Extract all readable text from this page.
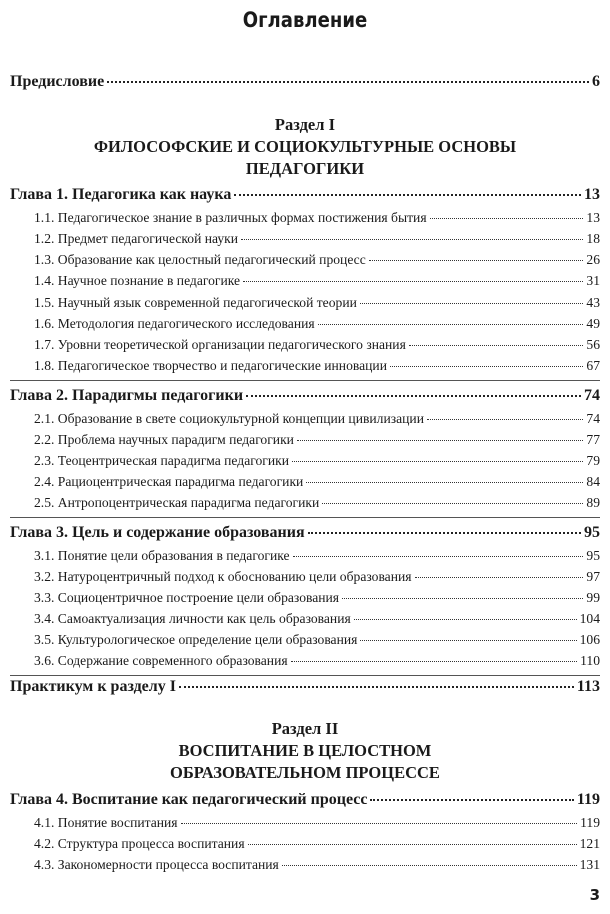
Оглавление
Предисловие	6
Раздел I
ФИЛОСОФСКИЕ И СОЦИОКУЛЬТУРНЫЕ ОСНОВЫ
ПЕДАГОГИКИ
Глава 1. Педагогика как наука	13
1.1. Педагогическое знание в различных формах постижения бытия	13
1.2. Предмет педагогической науки	18
1.3. Образование как целостный педагогический процесс	26
1.4. Научное познание в педагогике	31
1.5. Научный язык современной педагогической теории	43
1.6. Методология педагогического исследования	49
1.7. Уровни теоретической организации педагогического знания	56
1.8. Педагогическое творчество и педагогические инновации	67
Глава 2. Парадигмы педагогики	74
2.1. Образование в свете социокультурной концепции цивилизации	74
2.2. Проблема научных парадигм педагогики	77
2.3. Теоцентрическая парадигма педагогики	79
2.4. Рациоцентрическая парадигма педагогики	84
2.5. Антропоцентрическая парадигма педагогики	89
Глава 3. Цель и содержание образования	95
3.1. Понятие цели образования в педагогике	95
3.2. Натуроцентричный подход к обоснованию цели образования	97
3.3. Социоцентричное построение цели образования	99
3.4. Самоактуализация личности как цель образования	104
3.5. Культурологическое определение цели образования	106
3.6. Содержание современного образования	110
Практикум к разделу I	113
Раздел II
ВОСПИТАНИЕ В ЦЕЛОСТНОМ
ОБРАЗОВАТЕЛЬНОМ ПРОЦЕССЕ
Глава 4. Воспитание как педагогический процесс	119
4.1. Понятие воспитания	119
4.2. Структура процесса воспитания	121
4.3. Закономерности процесса воспитания	131
3
